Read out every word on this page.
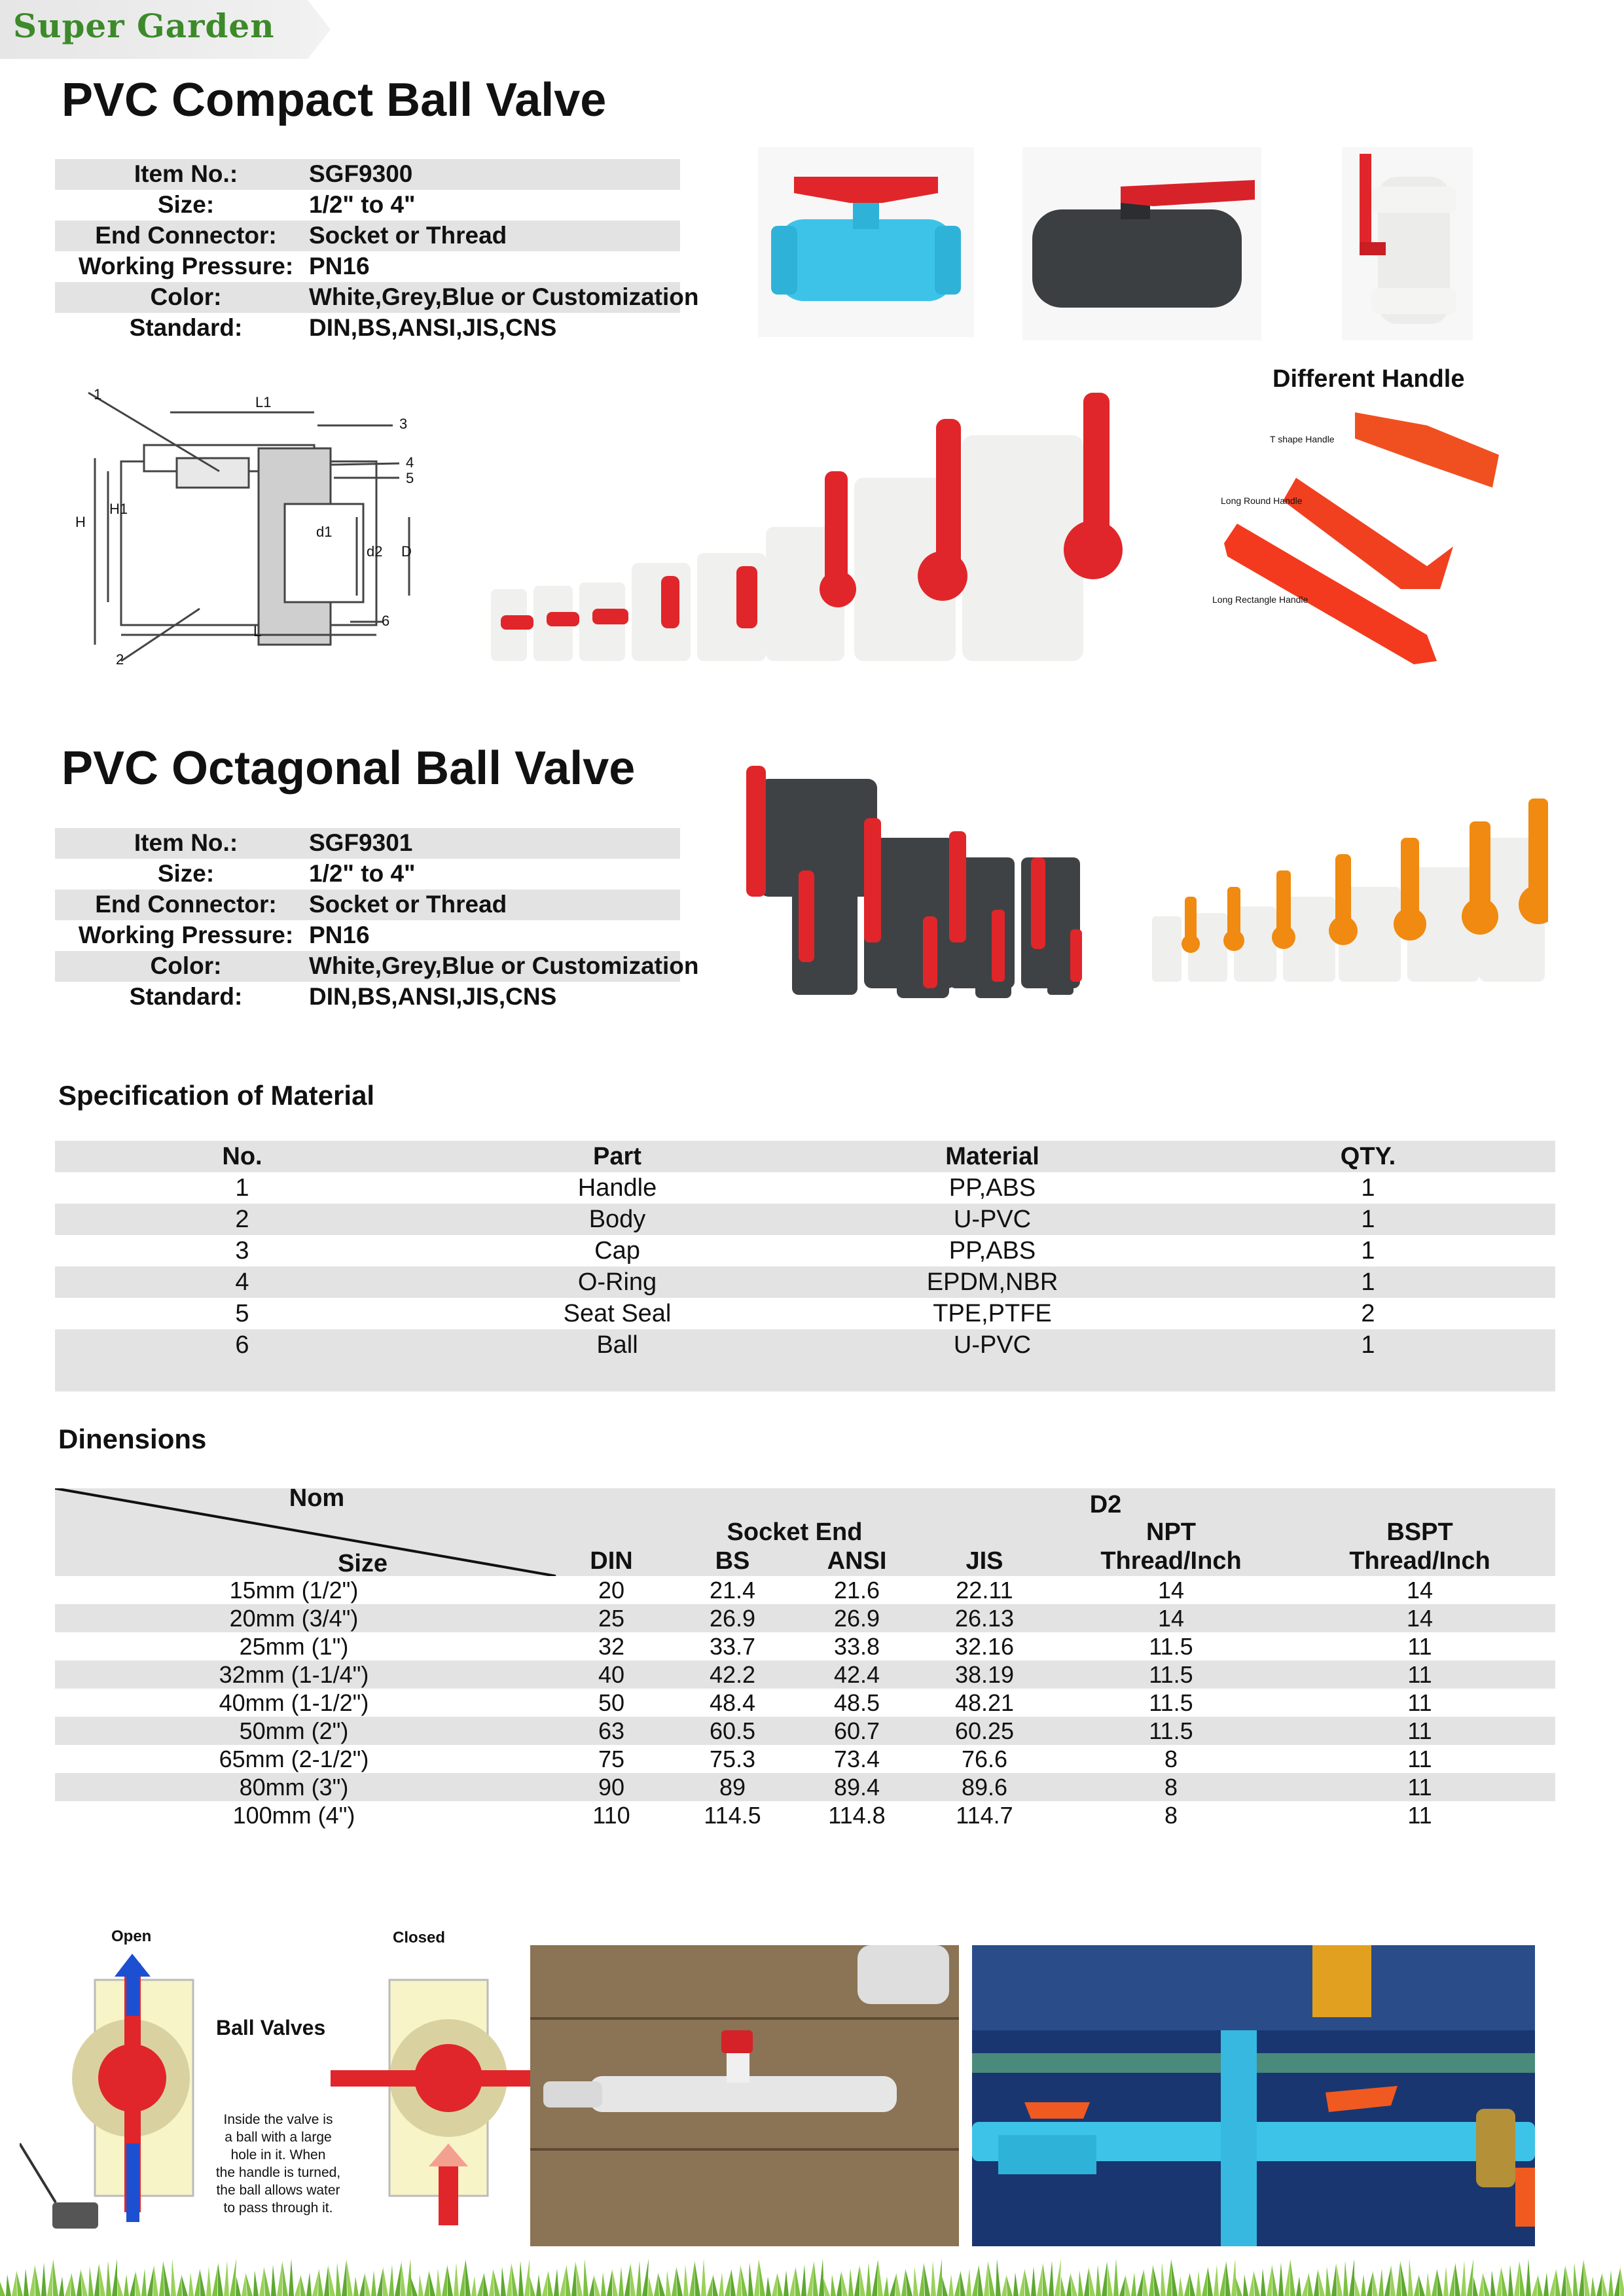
Super Garden
PVC Compact Ball Valve
Item No.:	SGF9300
Size:	1/2" to 4"
End Connector:	Socket or Thread
Working Pressure: PN16
Color:	White,Grey,Blue or Customization
Standard:	DIN,BS,ANSI,JIS,CNS
1
2
3
4
5
6
L1
L
H
H1
d1
d2 D
Different Handle
T shape Handle
Long Round Handle
Long Rectangle Handle
PVC Octagonal Ball Valve
Item No.:	SGF9301
Size:	1/2" to 4"
End Connector:	Socket or Thread
Working Pressure: PN16
Color:	White,Grey,Blue or Customization
Standard:	DIN,BS,ANSI,JIS,CNS
Specification of Material
No.	Part	Material	QTY.
1	Handle	PP,ABS	1
2	Body	U-PVC	1
3	Cap	PP,ABS	1
4	O-Ring	EPDM,NBR	1
5	Seat Seal	TPE,PTFE	2
6	Ball	U-PVC	1
Dinensions
Nom
Size
D2
Socket End
DIN	BS	ANSI	JIS
NPT
Thread/Inch
BSPT
Thread/Inch
15mm (1/2")	20	21.4	21.6	22.11	14	14
20mm (3/4")	25	26.9	26.9	26.13	14	14
25mm (1")	32	33.7	33.8	32.16	11.5	11
32mm (1-1/4")	40	42.2	42.4	38.19	11.5	11
40mm (1-1/2")	50	48.4	48.5	48.21	11.5	11
50mm (2")	63	60.5	60.7	60.25	11.5	11
65mm (2-1/2")	75	75.3	73.4	76.6	8	11
80mm (3")	90	89	89.4	89.6	8	11
100mm (4")	110	114.5	114.8	114.7	8	11
Open	Closed
Ball Valves
Inside the valve is
a ball with a large
hole in it. When
the handle is turned,
the ball allows water
to pass through it.
